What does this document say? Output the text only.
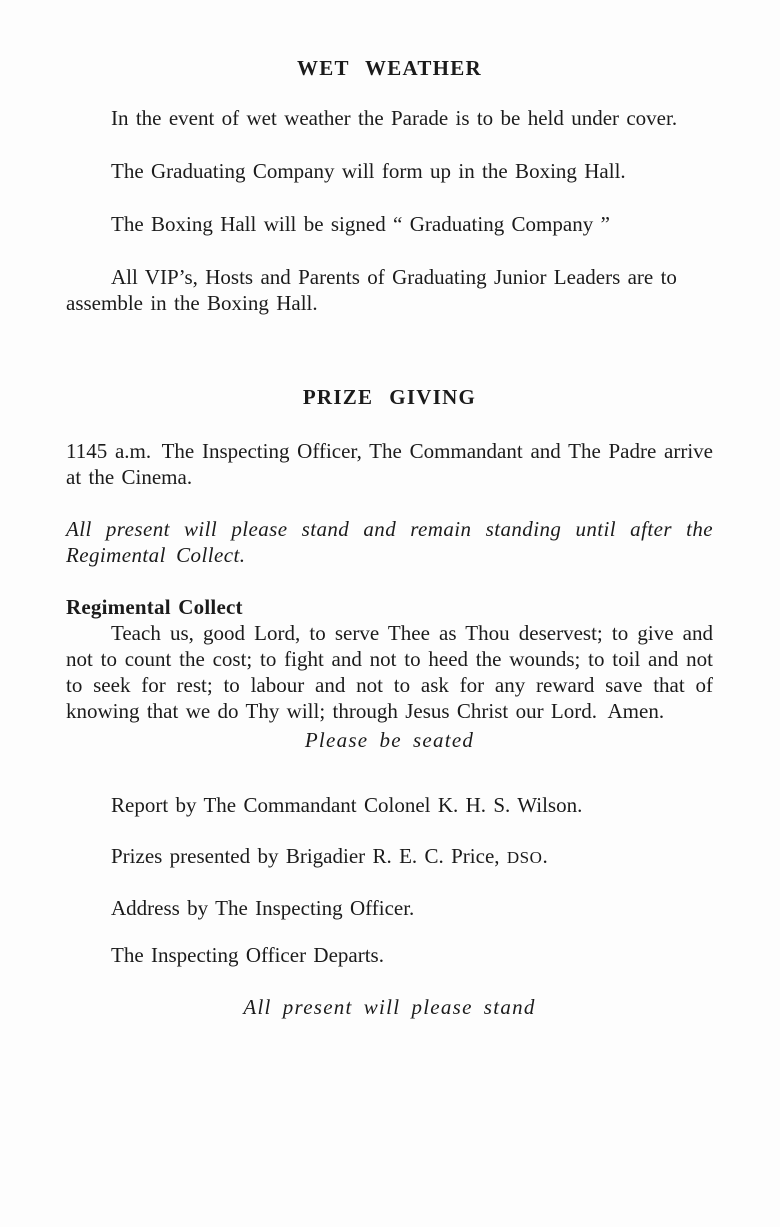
WET WEATHER

In the event of wet weather the Parade is to be held under cover.

The Graduating Company will form up in the Boxing Hall.

The Boxing Hall will be signed “ Graduating Company ”

All VIP’s, Hosts and Parents of Graduating Junior Leaders are to assemble in the Boxing Hall.

PRIZE GIVING

1145 a.m. The Inspecting Officer, The Commandant and The Padre arrive at the Cinema.

All present will please stand and remain standing until after the Regimental Collect.

Regimental Collect

Teach us, good Lord, to serve Thee as Thou deservest; to give and not to count the cost; to fight and not to heed the wounds; to toil and not to seek for rest; to labour and not to ask for any reward save that of knowing that we do Thy will; through Jesus Christ our Lord. Amen.

Please be seated

Report by The Commandant Colonel K. H. S. Wilson.

Prizes presented by Brigadier R. E. C. Price, DSO.

Address by The Inspecting Officer.

The Inspecting Officer Departs.

All present will please stand
